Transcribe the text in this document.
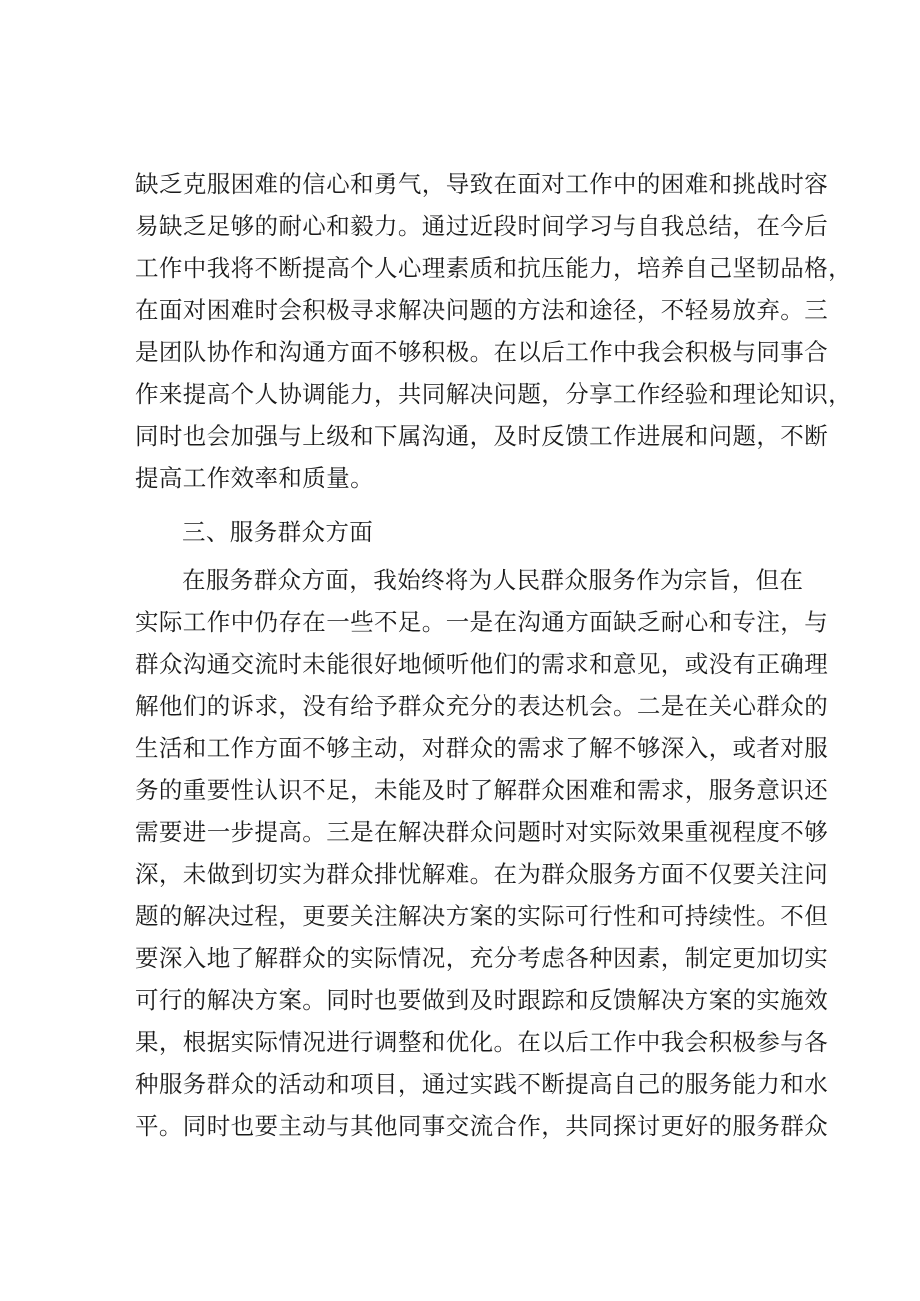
缺乏克服困难的信心和勇气，导致在面对工作中的困难和挑战时容
易缺乏足够的耐心和毅力。通过近段时间学习与自我总结，在今后
工作中我将不断提高个人心理素质和抗压能力，培养自己坚韧品格，
在面对困难时会积极寻求解决问题的方法和途径，不轻易放弃。三
是团队协作和沟通方面不够积极。在以后工作中我会积极与同事合
作来提高个人协调能力，共同解决问题，分享工作经验和理论知识，
同时也会加强与上级和下属沟通，及时反馈工作进展和问题，不断
提高工作效率和质量。
三、服务群众方面
在服务群众方面，我始终将为人民群众服务作为宗旨，但在
实际工作中仍存在一些不足。一是在沟通方面缺乏耐心和专注，与
群众沟通交流时未能很好地倾听他们的需求和意见，或没有正确理
解他们的诉求，没有给予群众充分的表达机会。二是在关心群众的
生活和工作方面不够主动，对群众的需求了解不够深入，或者对服
务的重要性认识不足，未能及时了解群众困难和需求，服务意识还
需要进一步提高。三是在解决群众问题时对实际效果重视程度不够
深，未做到切实为群众排忧解难。在为群众服务方面不仅要关注问
题的解决过程，更要关注解决方案的实际可行性和可持续性。不但
要深入地了解群众的实际情况，充分考虑各种因素，制定更加切实
可行的解决方案。同时也要做到及时跟踪和反馈解决方案的实施效
果，根据实际情况进行调整和优化。在以后工作中我会积极参与各
种服务群众的活动和项目，通过实践不断提高自己的服务能力和水
平。同时也要主动与其他同事交流合作，共同探讨更好的服务群众
